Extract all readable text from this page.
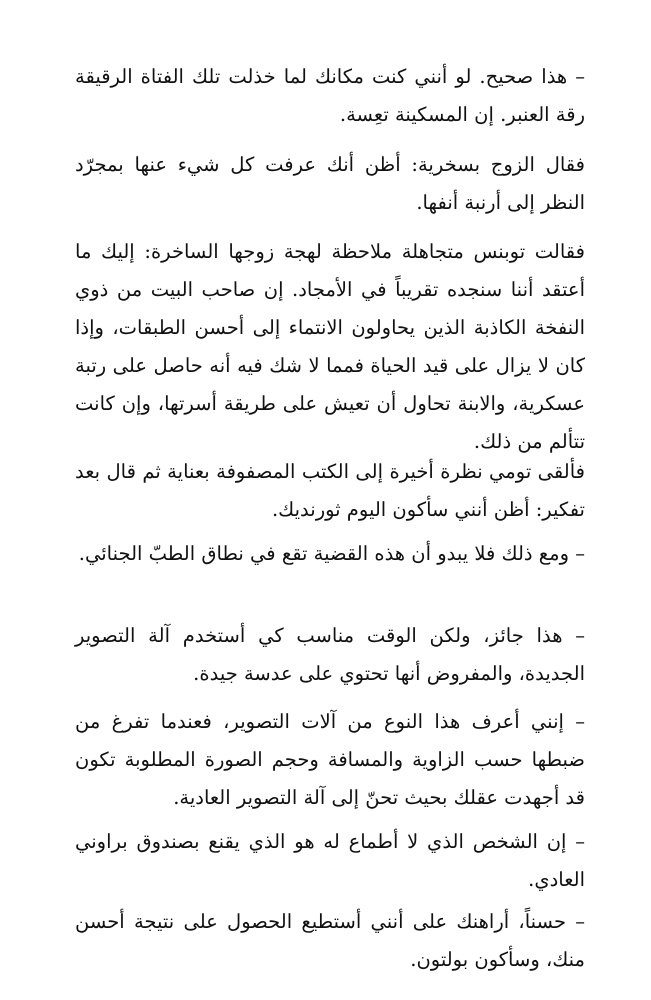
– هذا صحيح. لو أنني كنت مكانك لما خذلت تلك الفتاة الرقيقة رقة العنبر. إن المسكينة تعِسة.

فقال الزوج بسخرية: أظن أنك عرفت كل شيء عنها بمجرّد النظر إلى أرنبة أنفها.

فقالت توبنس متجاهلة ملاحظة لهجة زوجها الساخرة: إليك ما أعتقد أننا سنجده تقريباً في الأمجاد. إن صاحب البيت من ذوي النفخة الكاذبة الذين يحاولون الانتماء إلى أحسن الطبقات، وإذا كان لا يزال على قيد الحياة فمما لا شك فيه أنه حاصل على رتبة عسكرية، والابنة تحاول أن تعيش على طريقة أسرتها، وإن كانت تتألم من ذلك.

فألقى تومي نظرة أخيرة إلى الكتب المصفوفة بعناية ثم قال بعد تفكير: أظن أنني سأكون اليوم ثورنديك.

– ومع ذلك فلا يبدو أن هذه القضية تقع في نطاق الطبّ الجنائي.

– هذا جائز، ولكن الوقت مناسب كي أستخدم آلة التصوير الجديدة، والمفروض أنها تحتوي على عدسة جيدة.

– إنني أعرف هذا النوع من آلات التصوير، فعندما تفرغ من ضبطها حسب الزاوية والمسافة وحجم الصورة المطلوبة تكون قد أجهدت عقلك بحيث تحنّ إلى آلة التصوير العادية.

– إن الشخص الذي لا أطماع له هو الذي يقنع بصندوق براوني العادي.

– حسناً، أراهنك على أنني أستطيع الحصول على نتيجة أحسن منك، وسأكون بولتون.
